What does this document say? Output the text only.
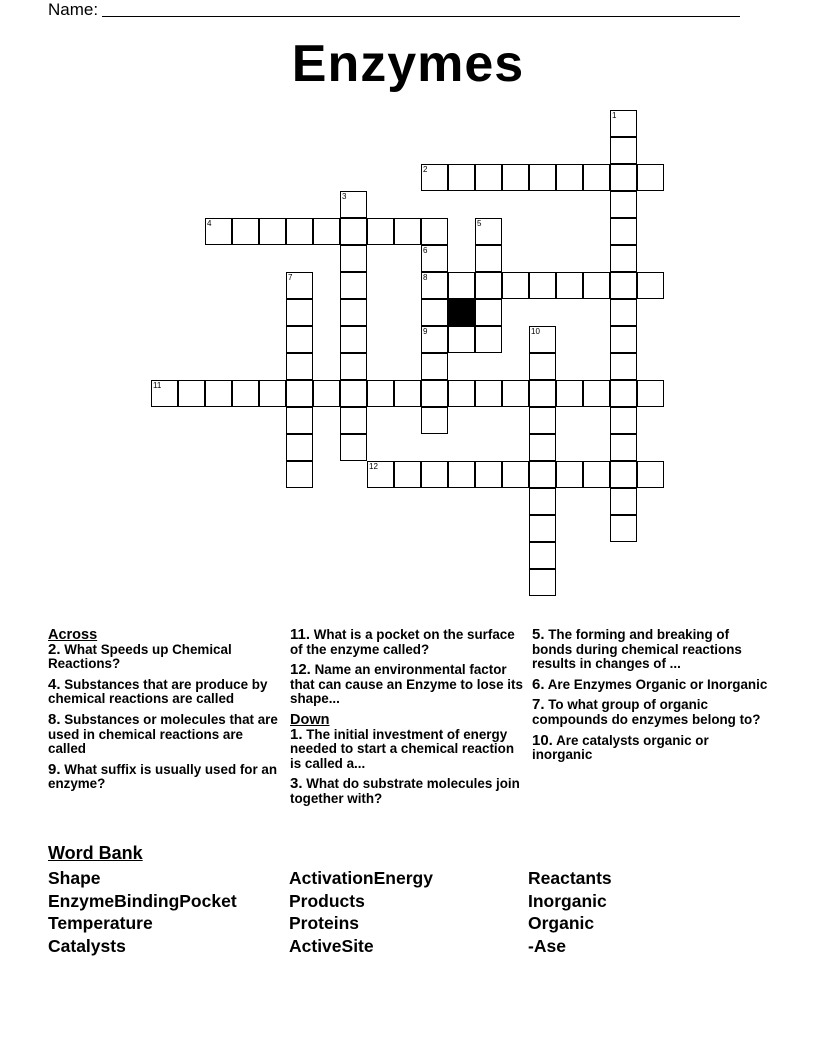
Name:
Enzymes
1
2
3
4	5
6
8
9
7
10
11
12
Across
2. What Speeds up Chemical Reactions?
4. Substances that are produce by chemical reactions are called
8. Substances or molecules that are used in chemical reactions are called
9. What suffix is usually used for an enzyme?
11. What is a pocket on the surface of the enzyme called?
12. Name an environmental factor that can cause an Enzyme to lose its shape...
Down
1. The initial investment of energy needed to start a chemical reaction is called a...
3. What do substrate molecules join together with?
5. The forming and breaking of bonds during chemical reactions results in changes of ...
6. Are Enzymes Organic or Inorganic
7. To what group of organic compounds do enzymes belong to?
10. Are catalysts organic or inorganic
Word Bank
Shape
EnzymeBindingPocket
Temperature
Catalysts
ActivationEnergy
Products
Proteins
ActiveSite
Reactants
Inorganic
Organic
-Ase
